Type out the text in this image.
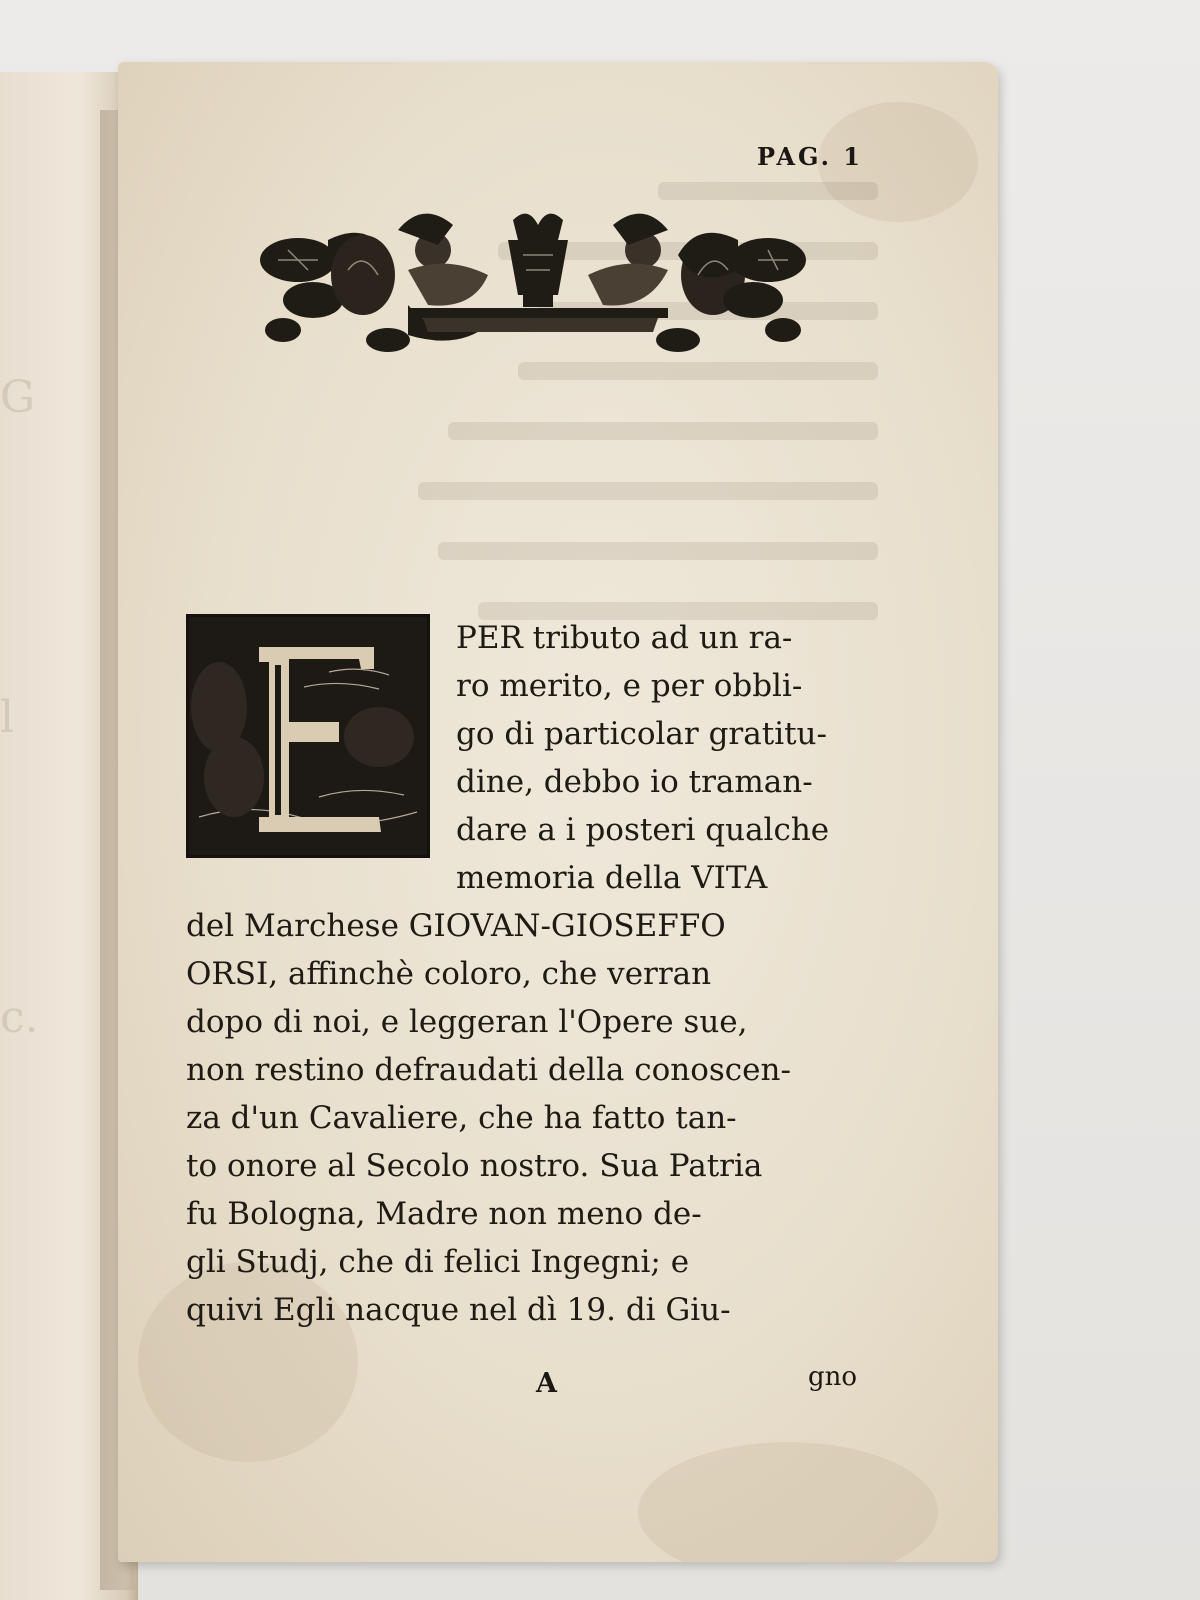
G
l
c.
PAG. 1
PER tributo ad un ra-
ro merito, e per obbli-
go di particolar gratitu-
dine, debbo io traman-
dare a i posteri qualche
memoria della VITA
del Marchese GIOVAN-GIOSEFFO
ORSI, affinchè coloro, che verran
dopo di noi, e leggeran l'Opere sue,
non restino defraudati della conoscen-
za d'un Cavaliere, che ha fatto tan-
to onore al Secolo nostro. Sua Patria
fu Bologna, Madre non meno de-
gli Studj, che di felici Ingegni; e
quivi Egli nacque nel dì 19. di Giu-
A	gno
